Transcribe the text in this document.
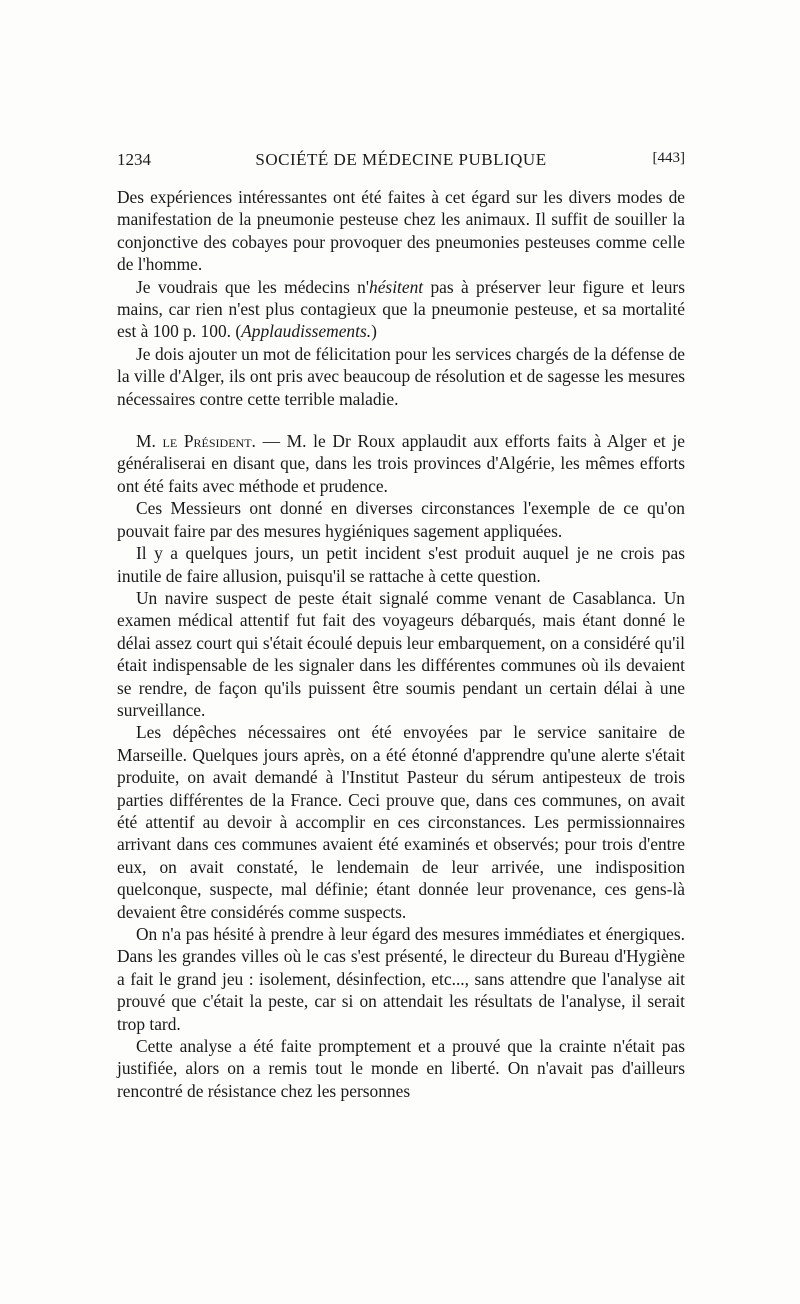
1234	SOCIÉTÉ DE MÉDECINE PUBLIQUE	[443]

Des expériences intéressantes ont été faites à cet égard sur les divers modes de manifestation de la pneumonie pesteuse chez les animaux. Il suffit de souiller la conjonctive des cobayes pour provoquer des pneumonies pesteuses comme celle de l'homme.

Je voudrais que les médecins n'hésitent pas à préserver leur figure et leurs mains, car rien n'est plus contagieux que la pneumonie pesteuse, et sa mortalité est à 100 p. 100. (Applaudissements.)

Je dois ajouter un mot de félicitation pour les services chargés de la défense de la ville d'Alger, ils ont pris avec beaucoup de résolution et de sagesse les mesures nécessaires contre cette terrible maladie.

M. le Président. — M. le Dr Roux applaudit aux efforts faits à Alger et je généraliserai en disant que, dans les trois provinces d'Algérie, les mêmes efforts ont été faits avec méthode et prudence.

Ces Messieurs ont donné en diverses circonstances l'exemple de ce qu'on pouvait faire par des mesures hygiéniques sagement appliquées.

Il y a quelques jours, un petit incident s'est produit auquel je ne crois pas inutile de faire allusion, puisqu'il se rattache à cette question.

Un navire suspect de peste était signalé comme venant de Casablanca. Un examen médical attentif fut fait des voyageurs débarqués, mais étant donné le délai assez court qui s'était écoulé depuis leur embarquement, on a considéré qu'il était indispensable de les signaler dans les différentes communes où ils devaient se rendre, de façon qu'ils puissent être soumis pendant un certain délai à une surveillance.

Les dépêches nécessaires ont été envoyées par le service sanitaire de Marseille. Quelques jours après, on a été étonné d'apprendre qu'une alerte s'était produite, on avait demandé à l'Institut Pasteur du sérum antipesteux de trois parties différentes de la France. Ceci prouve que, dans ces communes, on avait été attentif au devoir à accomplir en ces circonstances. Les permissionnaires arrivant dans ces communes avaient été examinés et observés; pour trois d'entre eux, on avait constaté, le lendemain de leur arrivée, une indisposition quelconque, suspecte, mal définie; étant donnée leur provenance, ces gens-là devaient être considérés comme suspects.

On n'a pas hésité à prendre à leur égard des mesures immédiates et énergiques. Dans les grandes villes où le cas s'est présenté, le directeur du Bureau d'Hygiène a fait le grand jeu : isolement, désinfection, etc..., sans attendre que l'analyse ait prouvé que c'était la peste, car si on attendait les résultats de l'analyse, il serait trop tard.

Cette analyse a été faite promptement et a prouvé que la crainte n'était pas justifiée, alors on a remis tout le monde en liberté. On n'avait pas d'ailleurs rencontré de résistance chez les personnes
